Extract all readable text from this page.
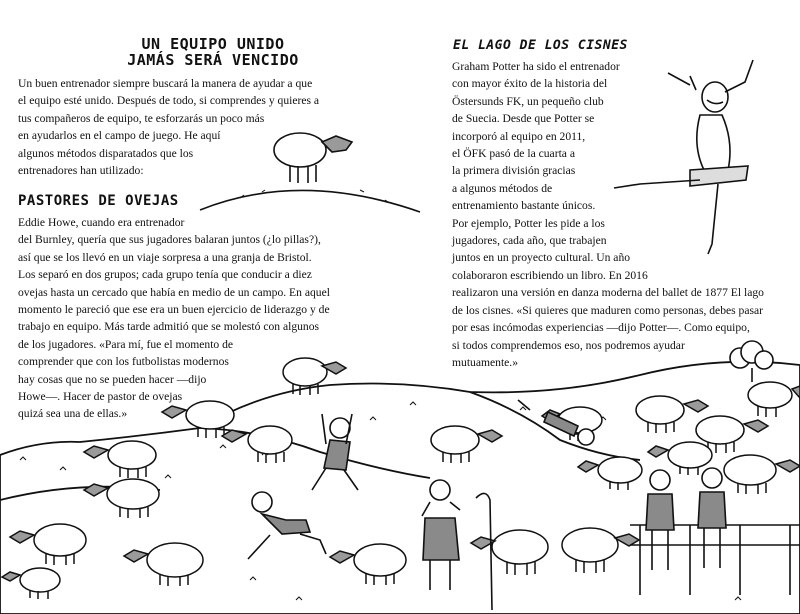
UN EQUIPO UNIDO
JAMÁS SERÁ VENCIDO
Un buen entrenador siempre buscará la manera de ayudar a que
el equipo esté unido. Después de todo, si comprendes y quieres a
tus compañeros de equipo, te esforzarás un poco más
en ayudarlos en el campo de juego. He aquí
algunos métodos disparatados que los
entrenadores han utilizado:
PASTORES DE OVEJAS
Eddie Howe, cuando era entrenador
del Burnley, quería que sus jugadores balaran juntos (¿lo pillas?),
así que se los llevó en un viaje sorpresa a una granja de Bristol.
Los separó en dos grupos; cada grupo tenía que conducir a diez
ovejas hasta un cercado que había en medio de un campo. En aquel
momento le pareció que ese era un buen ejercicio de liderazgo y de
trabajo en equipo. Más tarde admitió que se molestó con algunos
de los jugadores. «Para mí, fue el momento de
comprender que con los futbolistas modernos
hay cosas que no se pueden hacer —dijo
Howe—. Hacer de pastor de ovejas
quizá sea una de ellas.»
EL LAGO DE LOS CISNES
Graham Potter ha sido el entrenador
con mayor éxito de la historia del
Östersunds FK, un pequeño club
de Suecia. Desde que Potter se
incorporó al equipo en 2011,
el ÖFK pasó de la cuarta a
la primera división gracias
a algunos métodos de
entrenamiento bastante únicos.
Por ejemplo, Potter les pide a los
jugadores, cada año, que trabajen
juntos en un proyecto cultural. Un año
colaboraron escribiendo un libro. En 2016
realizaron una versión en danza moderna del ballet de 1877 El lago
de los cisnes. «Si quieres que maduren como personas, debes pasar
por esas incómodas experiencias —dijo Potter—. Como equipo,
si todos comprendemos eso, nos podremos ayudar
mutuamente.»
